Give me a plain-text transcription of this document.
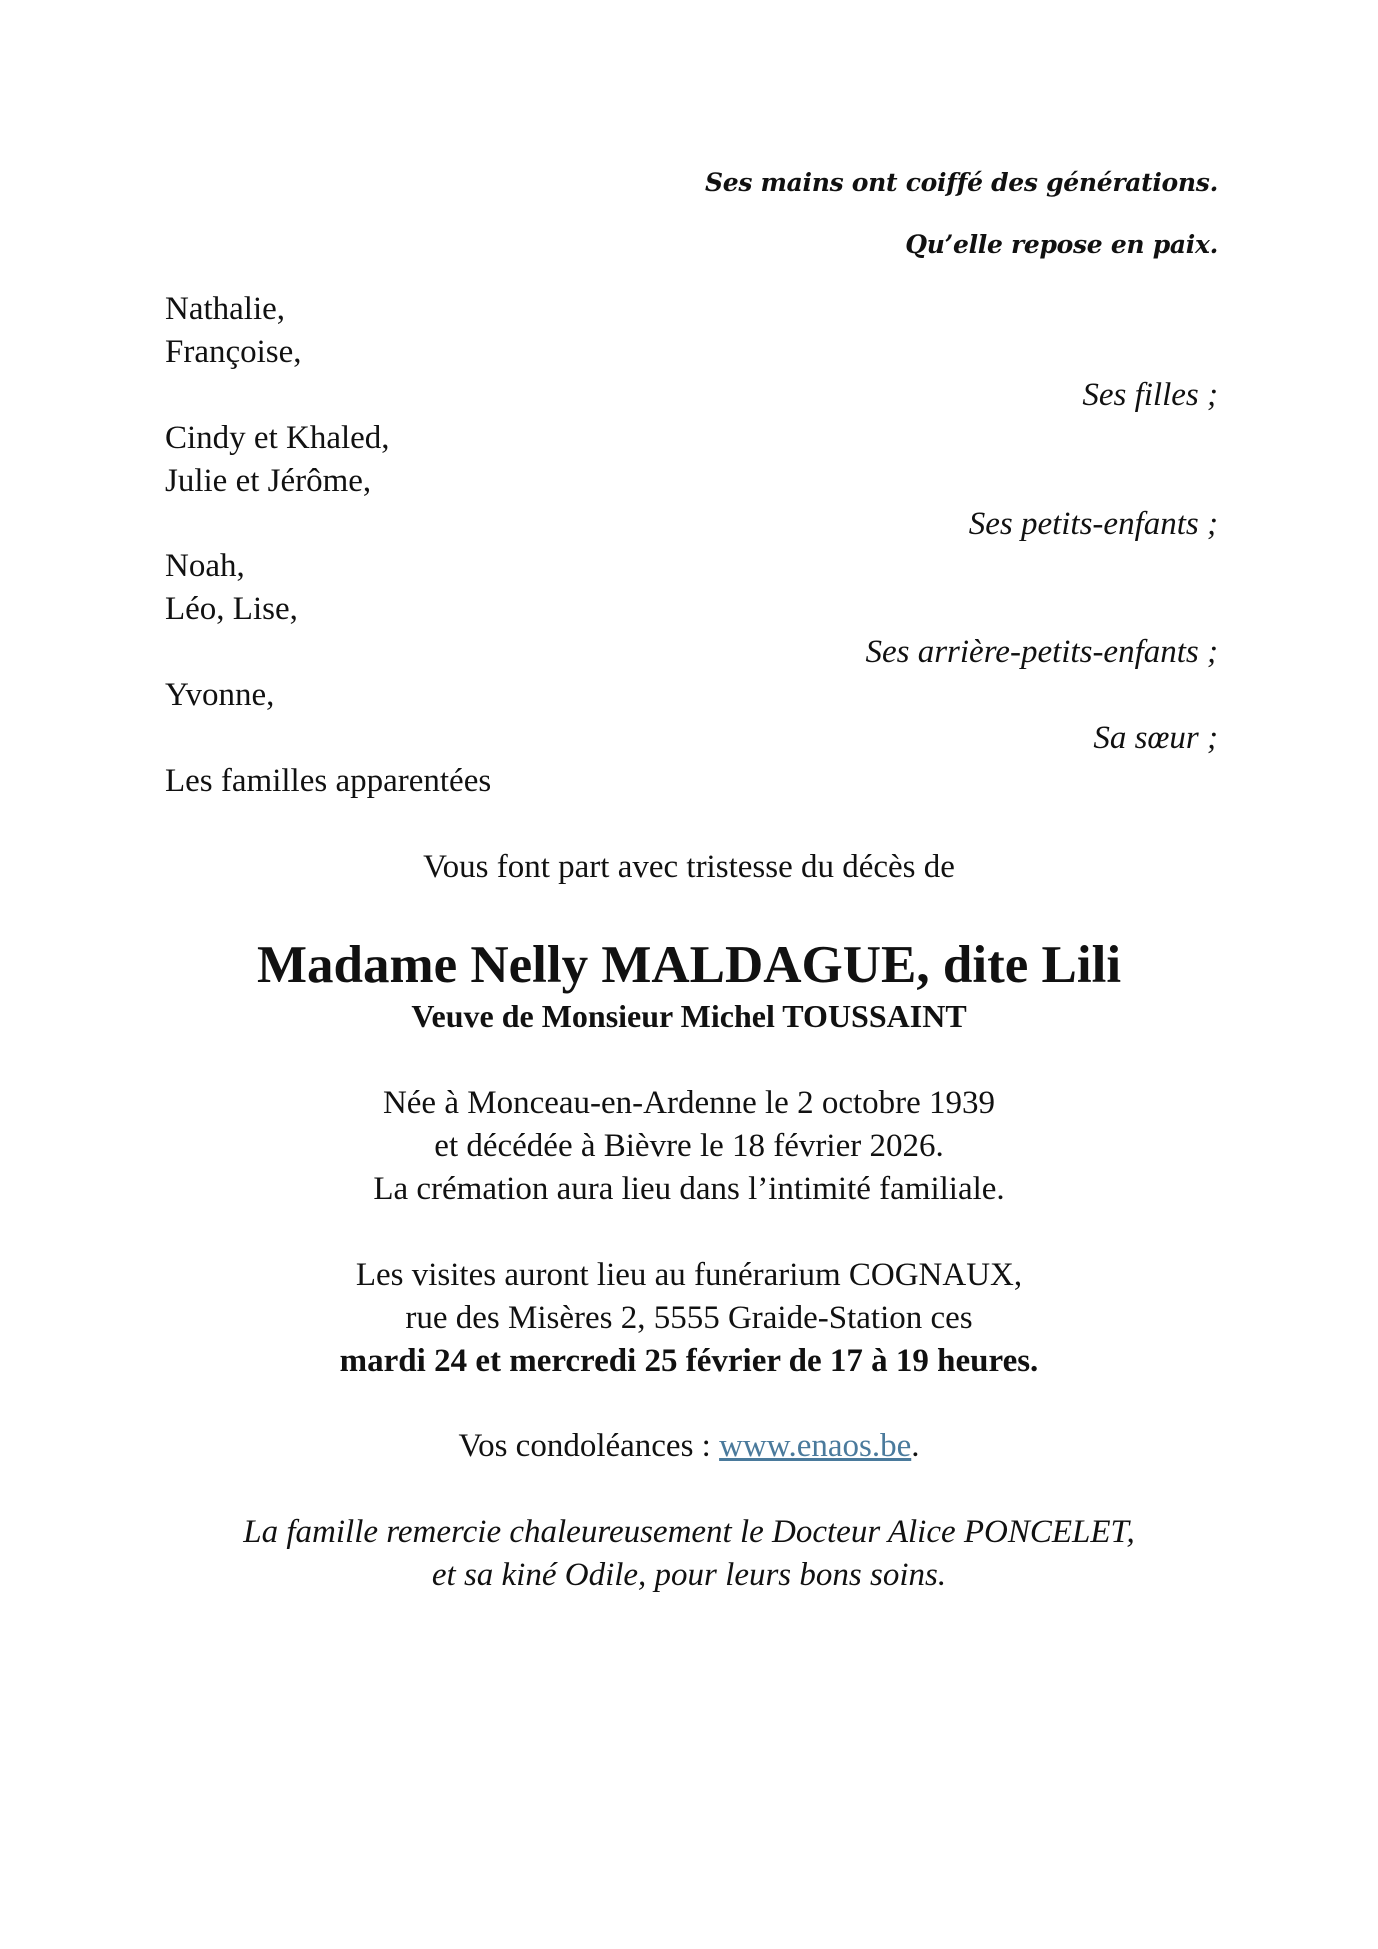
Ses mains ont coiffé des générations.
Qu’elle repose en paix.
Nathalie,
Françoise,
Ses filles ;
Cindy et Khaled,
Julie et Jérôme,
Ses petits-enfants ;
Noah,
Léo, Lise,
Ses arrière-petits-enfants ;
Yvonne,
Sa sœur ;
Les familles apparentées
Vous font part avec tristesse du décès de
Madame Nelly MALDAGUE, dite Lili
Veuve de Monsieur Michel TOUSSAINT
Née à Monceau-en-Ardenne le 2 octobre 1939
et décédée à Bièvre le 18 février 2026.
La crémation aura lieu dans l’intimité familiale.
Les visites auront lieu au funérarium COGNAUX,
rue des Misères 2, 5555 Graide-Station ces
mardi 24 et mercredi 25 février de 17 à 19 heures.
Vos condoléances : www.enaos.be.
La famille remercie chaleureusement le Docteur Alice PONCELET,
et sa kiné Odile, pour leurs bons soins.
